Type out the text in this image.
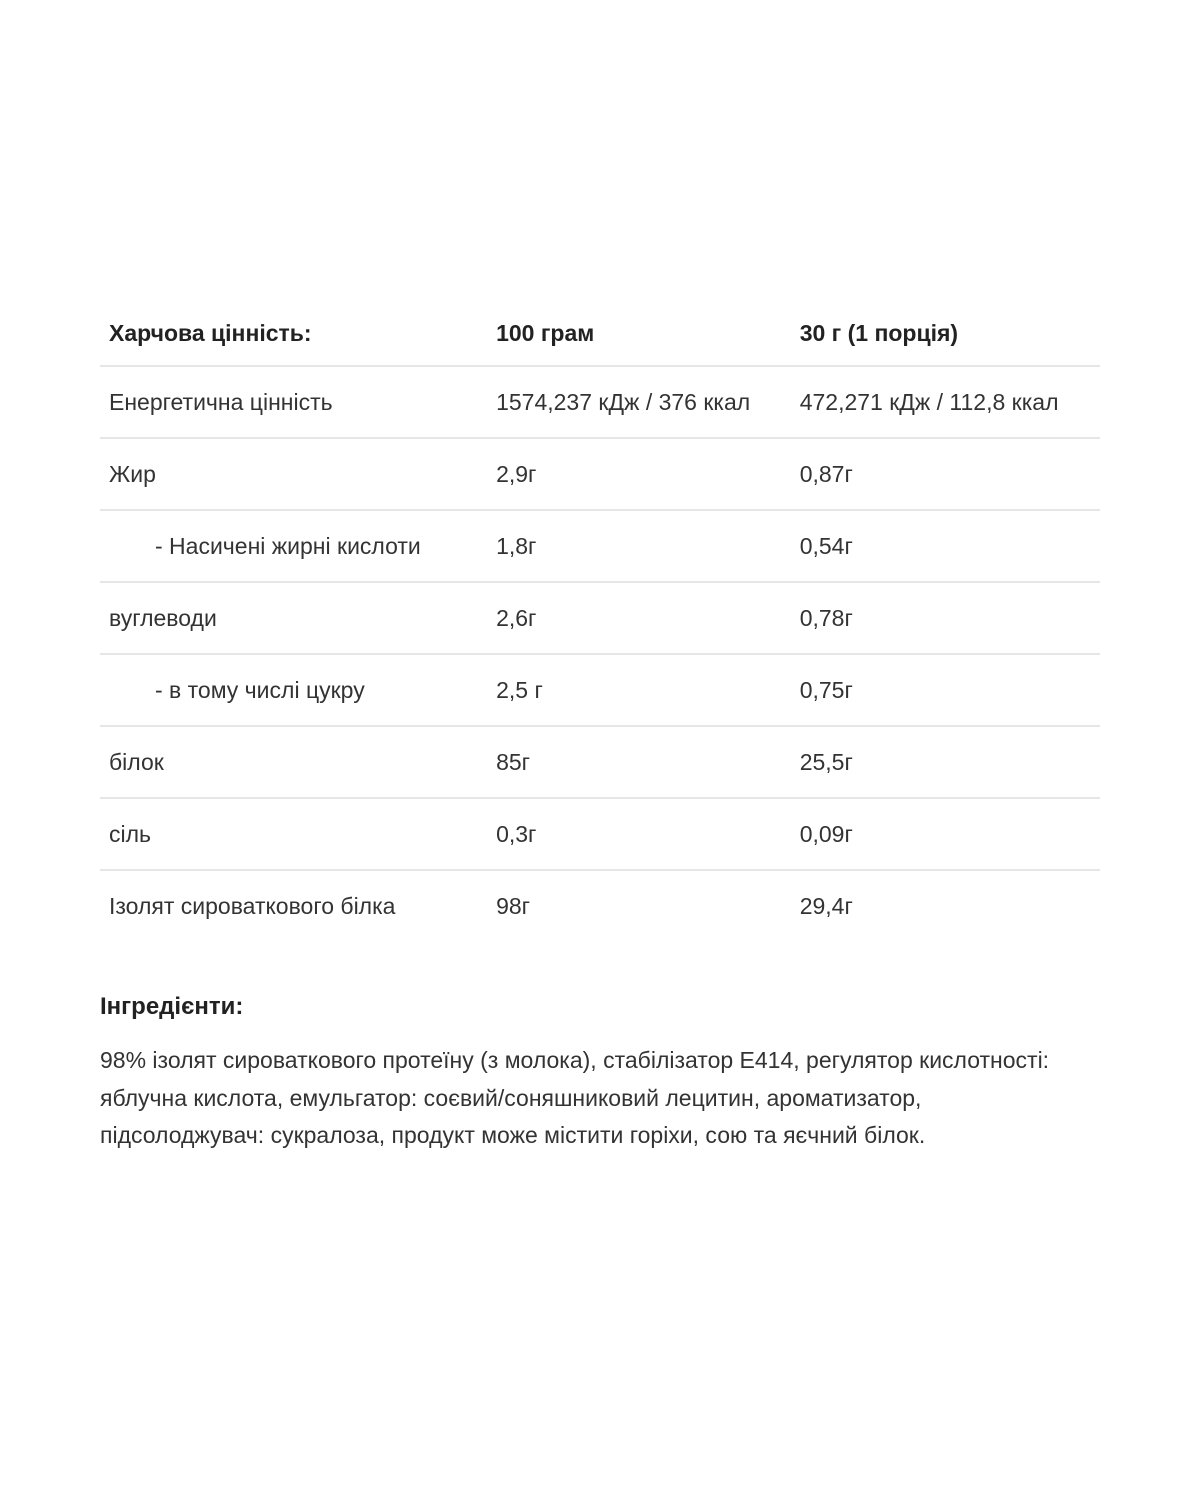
Харчова цінність:	100 грам	30 г (1 порція)
Енергетична цінність	1574,237 кДж / 376 ккал	472,271 кДж / 112,8 ккал
Жир	2,9г	0,87г
- Насичені жирні кислоти	1,8г	0,54г
вуглеводи	2,6г	0,78г
- в тому числі цукру	2,5 г	0,75г
білок	85г	25,5г
сіль	0,3г	0,09г
Ізолят сироваткового білка	98г	29,4г
Інгредієнти:

98% ізолят сироваткового протеїну (з молока), стабілізатор E414, регулятор кислотності: яблучна кислота, емульгатор: соєвий/соняшниковий лецитин, ароматизатор, підсолоджувач: сукралоза, продукт може містити горіхи, сою та яєчний білок.
